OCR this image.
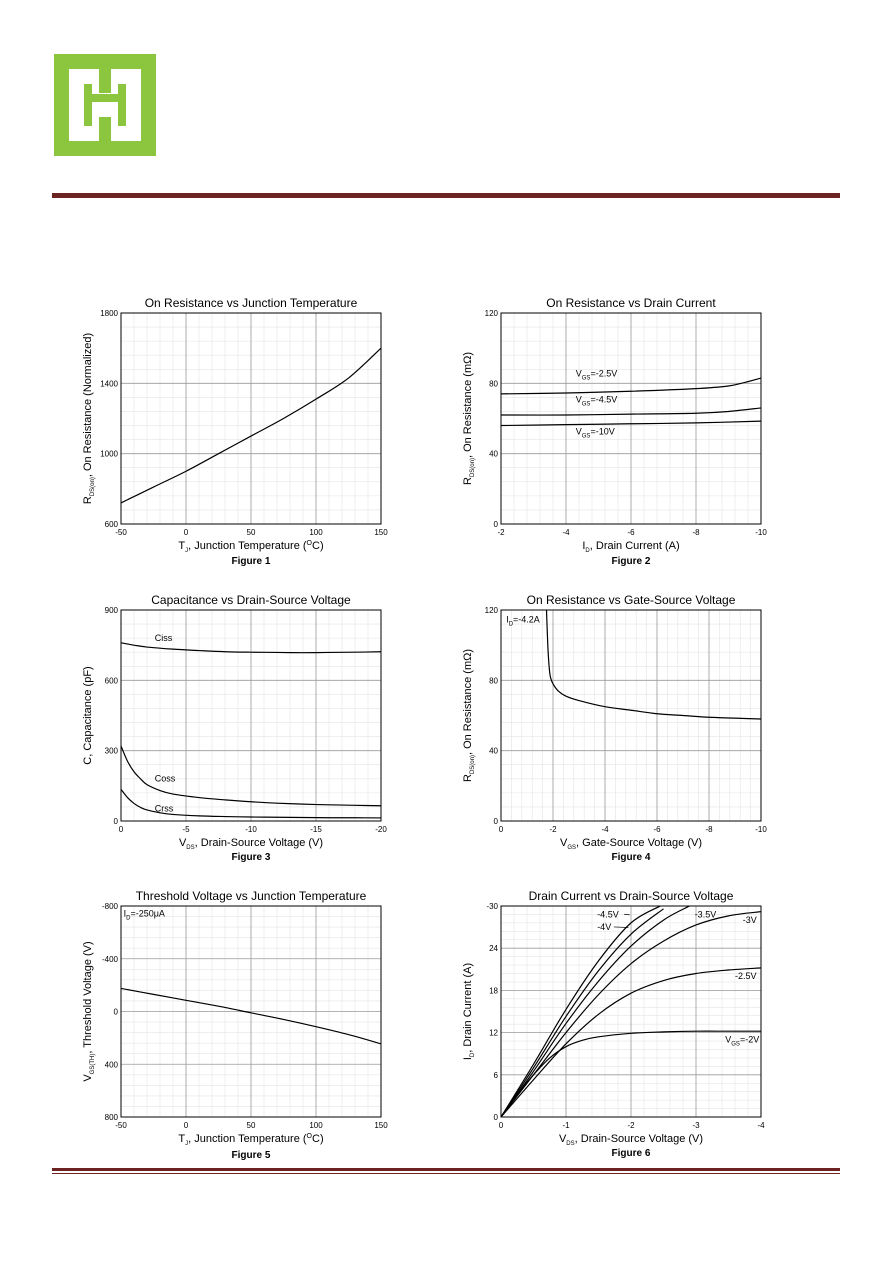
On Resistance vs Junction Temperature
-50	0	50	100	150
600
1000
1400
1800
$T_J$, Junction Temperature ($^O$C)
$R_{DS(on)}$, On Resistance (Normalized)
Figure 1
On Resistance vs Drain Current
-2	-4	-6	-8	-10
0
40
80
120
$I_D$, Drain Current (A)
$R_{DS(on)}$, On Resistance (mΩ)	$V_{GS}=-2.5V$
$V_{GS}=-4.5V$
$V_{GS}=-10V$
Figure 2
Capacitance vs Drain-Source Voltage
0	-5	-10	-15	-20
0
300
600
900
$V_{DS}$, Drain-Source Voltage (V)
C, Capacitance (pF)
Ciss
Coss
Crss
Figure 3
On Resistance vs Gate-Source Voltage
0	-2	-4	-6	-8	-10
0
40
80
120
$V_{GS}$, Gate-Source Voltage (V)
$R_{DS(on)}$, On Resistance (mΩ)
$I_D=-4.2A$
Figure 4
Threshold Voltage vs Junction Temperature
-50	0	50	100	150
800
400
0
-400
-800
$T_J$, Junction Temperature ($^O$C)
$V_{GS(TH)}$, Threshold Voltage (V)
$I_D=-250\mu A$
Figure 5
Drain Current vs Drain-Source Voltage
0	-1	-2	-3	-4
0
6
12
18
24
-30
$V_{DS}$, Drain-Source Voltage (V)
$I_D$, Drain Current (A)
-4.5V
-4V
-3.5V
-3V
-2.5V
$V_{GS}=-2V$
Figure 6
